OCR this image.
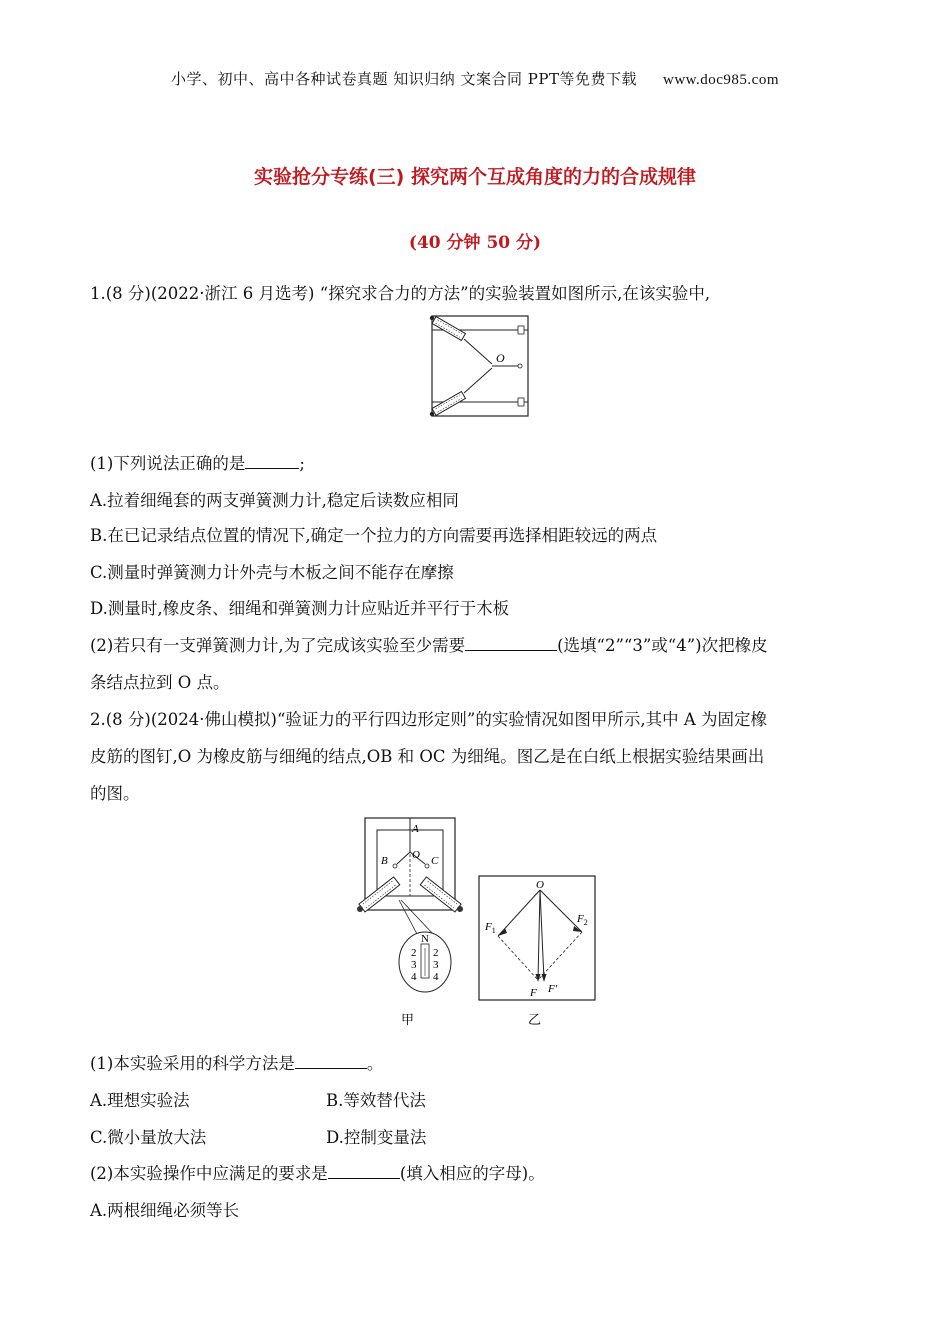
小学、初中、高中各种试卷真题 知识归纳 文案合同 PPT等免费下载 www.doc985.com
实验抢分专练(三) 探究两个互成角度的力的合成规律
(40 分钟 50 分)
1.(8 分)(2022·浙江 6 月选考) “探究求合力的方法”的实验装置如图所示,在该实验中,
O
(1)下列说法正确的是	;
A.拉着细绳套的两支弹簧测力计,稳定后读数应相同
B.在已记录结点位置的情况下,确定一个拉力的方向需要再选择相距较远的两点
C.测量时弹簧测力计外壳与木板之间不能存在摩擦
D.测量时,橡皮条、细绳和弹簧测力计应贴近并平行于木板
(2)若只有一支弹簧测力计,为了完成该实验至少需要	(选填“2”“3”或“4”)次把橡皮
条结点拉到 O 点。
2.(8 分)(2024·佛山模拟)“验证力的平行四边形定则”的实验情况如图甲所示,其中 A 为固定橡
皮筋的图钉,O 为橡皮筋与细绳的结点,OB 和 OC 为细绳。图乙是在白纸上根据实验结果画出
的图。
A
B	C
O
N
2
3
4
2
3
4
甲
O
$F_1$
$F_2$
F F′
乙
(1)本实验采用的科学方法是	。
A.理想实验法	B.等效替代法
C.微小量放大法	D.控制变量法
(2)本实验操作中应满足的要求是	(填入相应的字母)。
A.两根细绳必须等长
